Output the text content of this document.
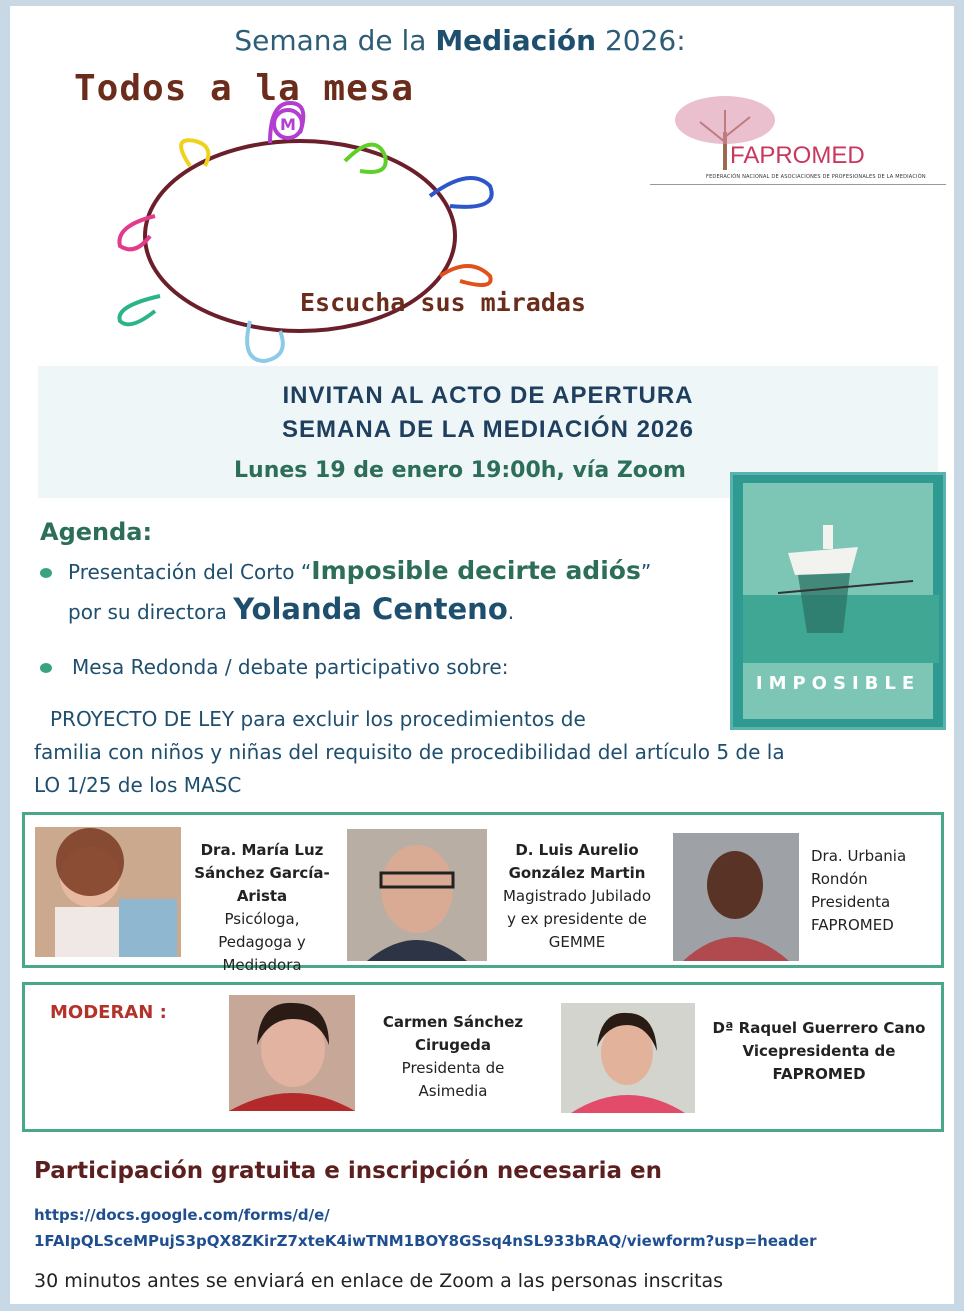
Semana de la Mediación 2026:
Todos a la mesa
M
Escucha sus miradas
FAPROMED
FEDERACIÓN NACIONAL DE ASOCIACIONES DE PROFESIONALES DE LA MEDIACIÓN
INVITAN AL ACTO DE APERTURA
SEMANA DE LA MEDIACIÓN 2026
Lunes 19 de enero 19:00h, vía Zoom
Agenda:
Presentación del Corto “Imposible decirte adiós”
por su directora Yolanda Centeno.
Mesa Redonda / debate participativo sobre:
PROYECTO DE LEY para excluir los procedimientos de
familia con niños y niñas del requisito de procedibilidad del artículo 5 de la
LO 1/25 de los MASC
IMPOSIBLE
Dra. María Luz
Sánchez García-
Arista
Psicóloga,
Pedagoga y
Mediadora
D. Luis Aurelio
González Martin
Magistrado Jubilado
y ex presidente de
GEMME
Dra. Urbania
Rondón
Presidenta
FAPROMED
Carmen Sánchez
Cirugeda
Presidenta de
Asimedia
Dª Raquel Guerrero Cano
Vicepresidenta de
FAPROMED
MODERAN :
Participación gratuita e inscripción necesaria en
https://docs.google.com/forms/d/e/
1FAIpQLSceMPujS3pQX8ZKirZ7xteK4iwTNM1BOY8GSsq4nSL933bRAQ/viewform?usp=header
30 minutos antes se enviará en enlace de Zoom a las personas inscritas
